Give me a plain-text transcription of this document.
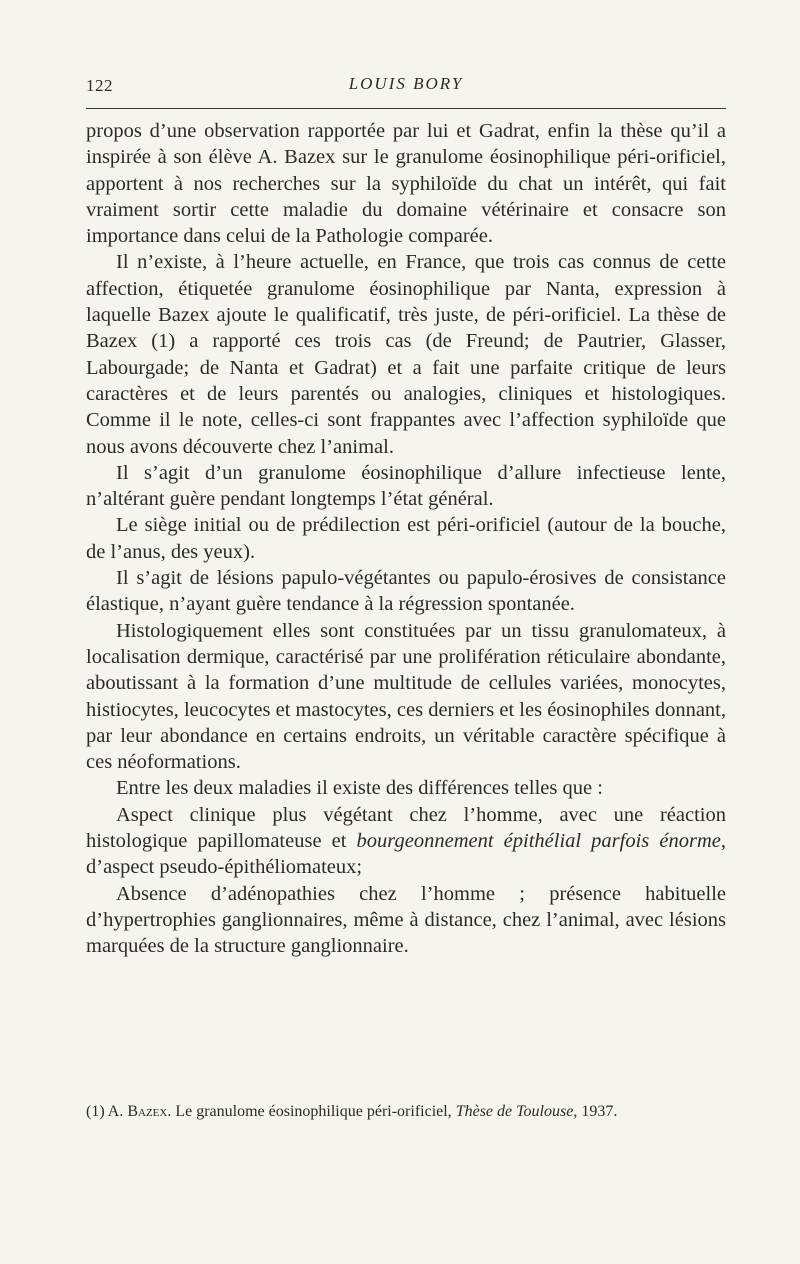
122	LOUIS BORY

propos d’une observation rapportée par lui et Gadrat, enfin la thèse qu’il a inspirée à son élève A. Bazex sur le granulome éosinophilique péri-orificiel, apportent à nos recherches sur la syphiloïde du chat un intérêt, qui fait vraiment sortir cette maladie du domaine vétérinaire et consacre son importance dans celui de la Pathologie comparée.

Il n’existe, à l’heure actuelle, en France, que trois cas connus de cette affection, étiquetée granulome éosinophilique par Nanta, expression à laquelle Bazex ajoute le qualificatif, très juste, de péri-orificiel. La thèse de Bazex (1) a rapporté ces trois cas (de Freund; de Pautrier, Glasser, Labourgade; de Nanta et Gadrat) et a fait une parfaite critique de leurs caractères et de leurs parentés ou analogies, cliniques et histologiques. Comme il le note, celles-ci sont frappantes avec l’affection syphiloïde que nous avons découverte chez l’animal.

Il s’agit d’un granulome éosinophilique d’allure infectieuse lente, n’altérant guère pendant longtemps l’état général.

Le siège initial ou de prédilection est péri-orificiel (autour de la bouche, de l’anus, des yeux).

Il s’agit de lésions papulo-végétantes ou papulo-érosives de consistance élastique, n’ayant guère tendance à la régression spontanée.

Histologiquement elles sont constituées par un tissu granulomateux, à localisation dermique, caractérisé par une prolifération réticulaire abondante, aboutissant à la formation d’une multitude de cellules variées, monocytes, histiocytes, leucocytes et mastocytes, ces derniers et les éosinophiles donnant, par leur abondance en certains endroits, un véritable caractère spécifique à ces néoformations.

Entre les deux maladies il existe des différences telles que :

Aspect clinique plus végétant chez l’homme, avec une réaction histologique papillomateuse et bourgeonnement épithélial parfois énorme, d’aspect pseudo-épithéliomateux;

Absence d’adénopathies chez l’homme ; présence habituelle d’hypertrophies ganglionnaires, même à distance, chez l’animal, avec lésions marquées de la structure ganglionnaire.

(1) A. Bazex. Le granulome éosinophilique péri-orificiel, Thèse de Toulouse, 1937.
